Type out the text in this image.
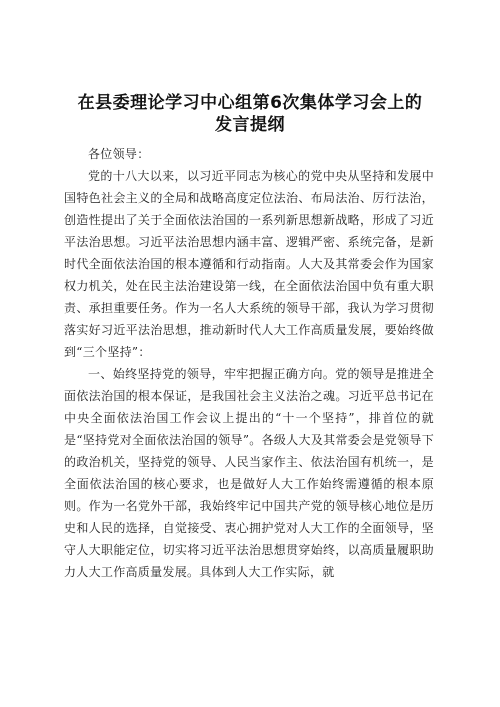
在县委理论学习中心组第6次集体学习会上的
发言提纲

各位领导：

党的十八大以来，以习近平同志为核心的党中央从坚持和发展中国特色社会主义的全局和战略高度定位法治、布局法治、厉行法治，创造性提出了关于全面依法治国的一系列新思想新战略，形成了习近平法治思想。习近平法治思想内涵丰富、逻辑严密、系统完备，是新时代全面依法治国的根本遵循和行动指南。人大及其常委会作为国家权力机关，处在民主法治建设第一线，在全面依法治国中负有重大职责、承担重要任务。作为一名人大系统的领导干部，我认为学习贯彻落实好习近平法治思想，推动新时代人大工作高质量发展，要始终做到“三个坚持”：

一、始终坚持党的领导，牢牢把握正确方向。党的领导是推进全面依法治国的根本保证，是我国社会主义法治之魂。习近平总书记在中央全面依法治国工作会议上提出的“十一个坚持”，排首位的就是“坚持党对全面依法治国的领导”。各级人大及其常委会是党领导下的政治机关，坚持党的领导、人民当家作主、依法治国有机统一，是全面依法治国的核心要求，也是做好人大工作始终需遵循的根本原则。作为一名党外干部，我始终牢记中国共产党的领导核心地位是历史和人民的选择，自觉接受、衷心拥护党对人大工作的全面领导，坚守人大职能定位，切实将习近平法治思想贯穿始终，以高质量履职助力人大工作高质量发展。具体到人大工作实际，就
